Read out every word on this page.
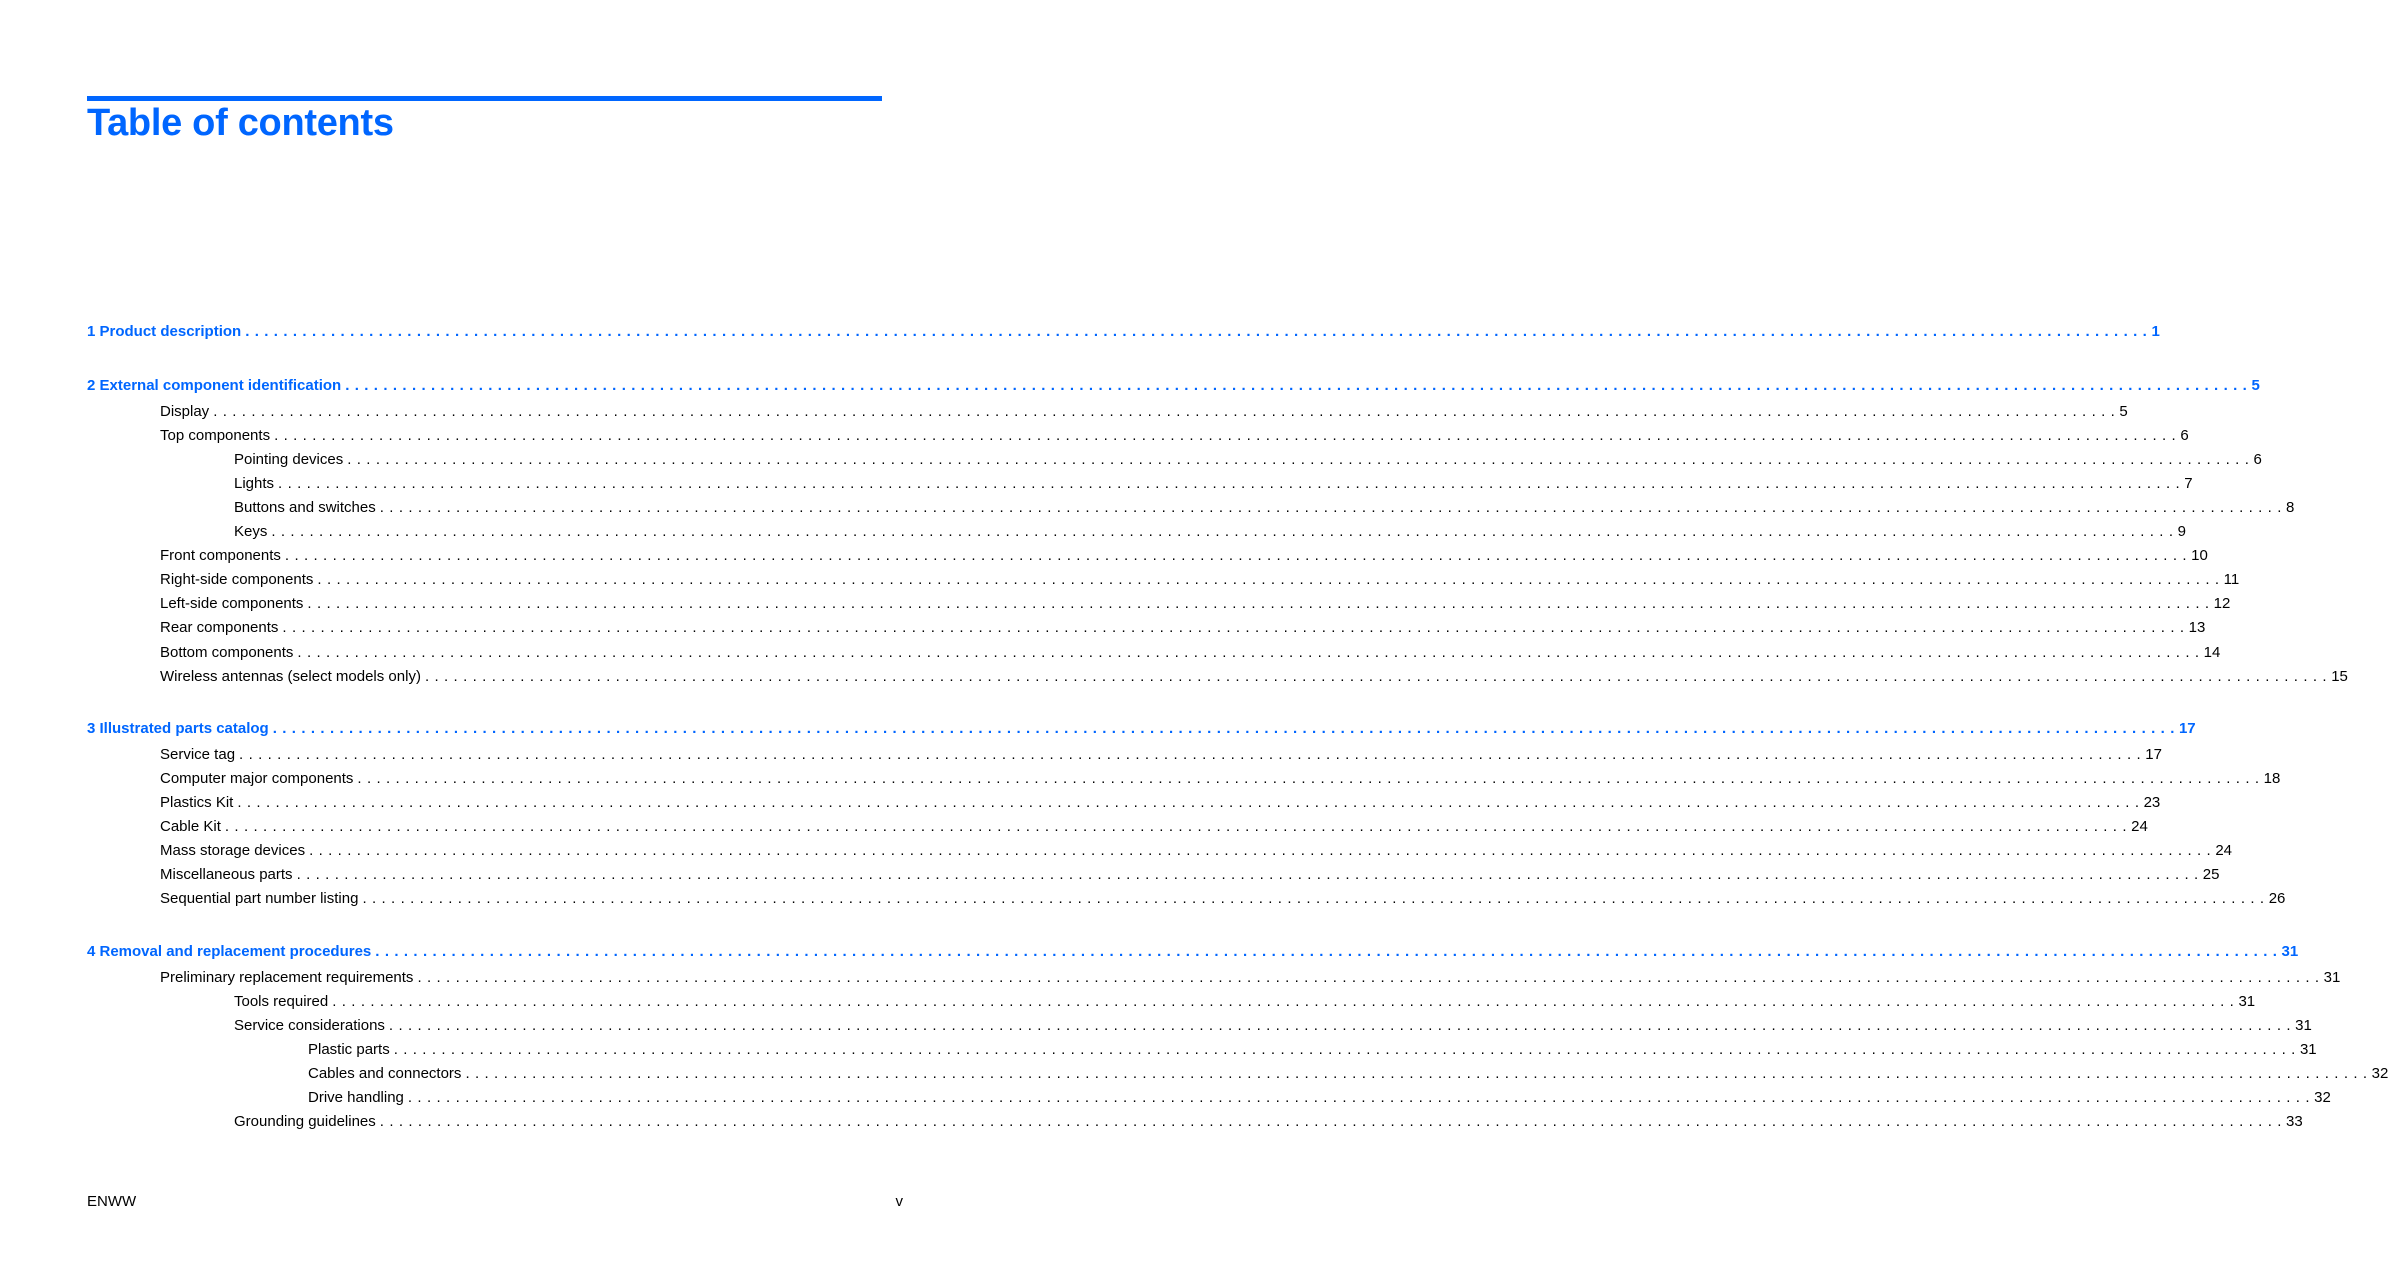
Table of contents
1 Product description . . . . . . . . . . . . . . . . . . . . . . . . . . . . . . . . . . . . . . . . . . . . . . . . . . . . . . . . . . . . . . . . . . . . . . . . . . . . . . . . . . . . . . . . . . . . . . . . . . . . . . . . . . . . . . . . . . . . . . . . . . . . . . . . . . . . . . . . . . . . . . . . . . . . . . . . . . . . . . . . . . . . . . . . . . . . . . . . . . . . . . . . . . . . . . . . . . . . . . . . 1
2 External component identification . . . . . . . . . . . . . . . . . . . . . . . . . . . . . . . . . . . . . . . . . . . . . . . . . . . . . . . . . . . . . . . . . . . . . . . . . . . . . . . . . . . . . . . . . . . . . . . . . . . . . . . . . . . . . . . . . . . . . . . . . . . . . . . . . . . . . . . . . . . . . . . . . . . . . . . . . . . . . . . . . . . . . . . . . . . . . . . . . . . . . . . . . . . . . . . . . . . . . . . . 5
Display . . . . . . . . . . . . . . . . . . . . . . . . . . . . . . . . . . . . . . . . . . . . . . . . . . . . . . . . . . . . . . . . . . . . . . . . . . . . . . . . . . . . . . . . . . . . . . . . . . . . . . . . . . . . . . . . . . . . . . . . . . . . . . . . . . . . . . . . . . . . . . . . . . . . . . . . . . . . . . . . . . . . . . . . . . . . . . . . . . . . . . . . . . . . . . . . . . . . . . . . 5
Top components . . . . . . . . . . . . . . . . . . . . . . . . . . . . . . . . . . . . . . . . . . . . . . . . . . . . . . . . . . . . . . . . . . . . . . . . . . . . . . . . . . . . . . . . . . . . . . . . . . . . . . . . . . . . . . . . . . . . . . . . . . . . . . . . . . . . . . . . . . . . . . . . . . . . . . . . . . . . . . . . . . . . . . . . . . . . . . . . . . . . . . . . . . . . . . . . . . . . . . . . 6
Pointing devices . . . . . . . . . . . . . . . . . . . . . . . . . . . . . . . . . . . . . . . . . . . . . . . . . . . . . . . . . . . . . . . . . . . . . . . . . . . . . . . . . . . . . . . . . . . . . . . . . . . . . . . . . . . . . . . . . . . . . . . . . . . . . . . . . . . . . . . . . . . . . . . . . . . . . . . . . . . . . . . . . . . . . . . . . . . . . . . . . . . . . . . . . . . . . . . . . . . . . . . . 6
Lights . . . . . . . . . . . . . . . . . . . . . . . . . . . . . . . . . . . . . . . . . . . . . . . . . . . . . . . . . . . . . . . . . . . . . . . . . . . . . . . . . . . . . . . . . . . . . . . . . . . . . . . . . . . . . . . . . . . . . . . . . . . . . . . . . . . . . . . . . . . . . . . . . . . . . . . . . . . . . . . . . . . . . . . . . . . . . . . . . . . . . . . . . . . . . . . . . . . . . . . . 7
Buttons and switches . . . . . . . . . . . . . . . . . . . . . . . . . . . . . . . . . . . . . . . . . . . . . . . . . . . . . . . . . . . . . . . . . . . . . . . . . . . . . . . . . . . . . . . . . . . . . . . . . . . . . . . . . . . . . . . . . . . . . . . . . . . . . . . . . . . . . . . . . . . . . . . . . . . . . . . . . . . . . . . . . . . . . . . . . . . . . . . . . . . . . . . . . . . . . . . . . . . . . . . . 8
Keys . . . . . . . . . . . . . . . . . . . . . . . . . . . . . . . . . . . . . . . . . . . . . . . . . . . . . . . . . . . . . . . . . . . . . . . . . . . . . . . . . . . . . . . . . . . . . . . . . . . . . . . . . . . . . . . . . . . . . . . . . . . . . . . . . . . . . . . . . . . . . . . . . . . . . . . . . . . . . . . . . . . . . . . . . . . . . . . . . . . . . . . . . . . . . . . . . . . . . . . . 9
Front components . . . . . . . . . . . . . . . . . . . . . . . . . . . . . . . . . . . . . . . . . . . . . . . . . . . . . . . . . . . . . . . . . . . . . . . . . . . . . . . . . . . . . . . . . . . . . . . . . . . . . . . . . . . . . . . . . . . . . . . . . . . . . . . . . . . . . . . . . . . . . . . . . . . . . . . . . . . . . . . . . . . . . . . . . . . . . . . . . . . . . . . . . . . . . . . . . . . . . . . . 10
Right-side components . . . . . . . . . . . . . . . . . . . . . . . . . . . . . . . . . . . . . . . . . . . . . . . . . . . . . . . . . . . . . . . . . . . . . . . . . . . . . . . . . . . . . . . . . . . . . . . . . . . . . . . . . . . . . . . . . . . . . . . . . . . . . . . . . . . . . . . . . . . . . . . . . . . . . . . . . . . . . . . . . . . . . . . . . . . . . . . . . . . . . . . . . . . . . . . . . . . . . . . . 11
Left-side components . . . . . . . . . . . . . . . . . . . . . . . . . . . . . . . . . . . . . . . . . . . . . . . . . . . . . . . . . . . . . . . . . . . . . . . . . . . . . . . . . . . . . . . . . . . . . . . . . . . . . . . . . . . . . . . . . . . . . . . . . . . . . . . . . . . . . . . . . . . . . . . . . . . . . . . . . . . . . . . . . . . . . . . . . . . . . . . . . . . . . . . . . . . . . . . . . . . . . . . . 12
Rear components . . . . . . . . . . . . . . . . . . . . . . . . . . . . . . . . . . . . . . . . . . . . . . . . . . . . . . . . . . . . . . . . . . . . . . . . . . . . . . . . . . . . . . . . . . . . . . . . . . . . . . . . . . . . . . . . . . . . . . . . . . . . . . . . . . . . . . . . . . . . . . . . . . . . . . . . . . . . . . . . . . . . . . . . . . . . . . . . . . . . . . . . . . . . . . . . . . . . . . . . 13
Bottom components . . . . . . . . . . . . . . . . . . . . . . . . . . . . . . . . . . . . . . . . . . . . . . . . . . . . . . . . . . . . . . . . . . . . . . . . . . . . . . . . . . . . . . . . . . . . . . . . . . . . . . . . . . . . . . . . . . . . . . . . . . . . . . . . . . . . . . . . . . . . . . . . . . . . . . . . . . . . . . . . . . . . . . . . . . . . . . . . . . . . . . . . . . . . . . . . . . . . . . . . 14
Wireless antennas (select models only) . . . . . . . . . . . . . . . . . . . . . . . . . . . . . . . . . . . . . . . . . . . . . . . . . . . . . . . . . . . . . . . . . . . . . . . . . . . . . . . . . . . . . . . . . . . . . . . . . . . . . . . . . . . . . . . . . . . . . . . . . . . . . . . . . . . . . . . . . . . . . . . . . . . . . . . . . . . . . . . . . . . . . . . . . . . . . . . . . . . . . . . . . . . . . . . . . . . . . . . . 15
3 Illustrated parts catalog . . . . . . . . . . . . . . . . . . . . . . . . . . . . . . . . . . . . . . . . . . . . . . . . . . . . . . . . . . . . . . . . . . . . . . . . . . . . . . . . . . . . . . . . . . . . . . . . . . . . . . . . . . . . . . . . . . . . . . . . . . . . . . . . . . . . . . . . . . . . . . . . . . . . . . . . . . . . . . . . . . . . . . . . . . . . . . . . . . . . . . . . . . . . . . . . . . . . . . . . 17
Service tag . . . . . . . . . . . . . . . . . . . . . . . . . . . . . . . . . . . . . . . . . . . . . . . . . . . . . . . . . . . . . . . . . . . . . . . . . . . . . . . . . . . . . . . . . . . . . . . . . . . . . . . . . . . . . . . . . . . . . . . . . . . . . . . . . . . . . . . . . . . . . . . . . . . . . . . . . . . . . . . . . . . . . . . . . . . . . . . . . . . . . . . . . . . . . . . . . . . . . . . . 17
Computer major components . . . . . . . . . . . . . . . . . . . . . . . . . . . . . . . . . . . . . . . . . . . . . . . . . . . . . . . . . . . . . . . . . . . . . . . . . . . . . . . . . . . . . . . . . . . . . . . . . . . . . . . . . . . . . . . . . . . . . . . . . . . . . . . . . . . . . . . . . . . . . . . . . . . . . . . . . . . . . . . . . . . . . . . . . . . . . . . . . . . . . . . . . . . . . . . . . . . . . . . . 18
Plastics Kit . . . . . . . . . . . . . . . . . . . . . . . . . . . . . . . . . . . . . . . . . . . . . . . . . . . . . . . . . . . . . . . . . . . . . . . . . . . . . . . . . . . . . . . . . . . . . . . . . . . . . . . . . . . . . . . . . . . . . . . . . . . . . . . . . . . . . . . . . . . . . . . . . . . . . . . . . . . . . . . . . . . . . . . . . . . . . . . . . . . . . . . . . . . . . . . . . . . . . . . . 23
Cable Kit . . . . . . . . . . . . . . . . . . . . . . . . . . . . . . . . . . . . . . . . . . . . . . . . . . . . . . . . . . . . . . . . . . . . . . . . . . . . . . . . . . . . . . . . . . . . . . . . . . . . . . . . . . . . . . . . . . . . . . . . . . . . . . . . . . . . . . . . . . . . . . . . . . . . . . . . . . . . . . . . . . . . . . . . . . . . . . . . . . . . . . . . . . . . . . . . . . . . . . . . 24
Mass storage devices . . . . . . . . . . . . . . . . . . . . . . . . . . . . . . . . . . . . . . . . . . . . . . . . . . . . . . . . . . . . . . . . . . . . . . . . . . . . . . . . . . . . . . . . . . . . . . . . . . . . . . . . . . . . . . . . . . . . . . . . . . . . . . . . . . . . . . . . . . . . . . . . . . . . . . . . . . . . . . . . . . . . . . . . . . . . . . . . . . . . . . . . . . . . . . . . . . . . . . . . 24
Miscellaneous parts . . . . . . . . . . . . . . . . . . . . . . . . . . . . . . . . . . . . . . . . . . . . . . . . . . . . . . . . . . . . . . . . . . . . . . . . . . . . . . . . . . . . . . . . . . . . . . . . . . . . . . . . . . . . . . . . . . . . . . . . . . . . . . . . . . . . . . . . . . . . . . . . . . . . . . . . . . . . . . . . . . . . . . . . . . . . . . . . . . . . . . . . . . . . . . . . . . . . . . . . 25
Sequential part number listing . . . . . . . . . . . . . . . . . . . . . . . . . . . . . . . . . . . . . . . . . . . . . . . . . . . . . . . . . . . . . . . . . . . . . . . . . . . . . . . . . . . . . . . . . . . . . . . . . . . . . . . . . . . . . . . . . . . . . . . . . . . . . . . . . . . . . . . . . . . . . . . . . . . . . . . . . . . . . . . . . . . . . . . . . . . . . . . . . . . . . . . . . . . . . . . . . . . . . . . . 26
4 Removal and replacement procedures . . . . . . . . . . . . . . . . . . . . . . . . . . . . . . . . . . . . . . . . . . . . . . . . . . . . . . . . . . . . . . . . . . . . . . . . . . . . . . . . . . . . . . . . . . . . . . . . . . . . . . . . . . . . . . . . . . . . . . . . . . . . . . . . . . . . . . . . . . . . . . . . . . . . . . . . . . . . . . . . . . . . . . . . . . . . . . . . . . . . . . . . . . . . . . . . . . . . . . . . 31
Preliminary replacement requirements . . . . . . . . . . . . . . . . . . . . . . . . . . . . . . . . . . . . . . . . . . . . . . . . . . . . . . . . . . . . . . . . . . . . . . . . . . . . . . . . . . . . . . . . . . . . . . . . . . . . . . . . . . . . . . . . . . . . . . . . . . . . . . . . . . . . . . . . . . . . . . . . . . . . . . . . . . . . . . . . . . . . . . . . . . . . . . . . . . . . . . . . . . . . . . . . . . . . . . . . 31
Tools required . . . . . . . . . . . . . . . . . . . . . . . . . . . . . . . . . . . . . . . . . . . . . . . . . . . . . . . . . . . . . . . . . . . . . . . . . . . . . . . . . . . . . . . . . . . . . . . . . . . . . . . . . . . . . . . . . . . . . . . . . . . . . . . . . . . . . . . . . . . . . . . . . . . . . . . . . . . . . . . . . . . . . . . . . . . . . . . . . . . . . . . . . . . . . . . . . . . . . . . . 31
Service considerations . . . . . . . . . . . . . . . . . . . . . . . . . . . . . . . . . . . . . . . . . . . . . . . . . . . . . . . . . . . . . . . . . . . . . . . . . . . . . . . . . . . . . . . . . . . . . . . . . . . . . . . . . . . . . . . . . . . . . . . . . . . . . . . . . . . . . . . . . . . . . . . . . . . . . . . . . . . . . . . . . . . . . . . . . . . . . . . . . . . . . . . . . . . . . . . . . . . . . . . . 31
Plastic parts . . . . . . . . . . . . . . . . . . . . . . . . . . . . . . . . . . . . . . . . . . . . . . . . . . . . . . . . . . . . . . . . . . . . . . . . . . . . . . . . . . . . . . . . . . . . . . . . . . . . . . . . . . . . . . . . . . . . . . . . . . . . . . . . . . . . . . . . . . . . . . . . . . . . . . . . . . . . . . . . . . . . . . . . . . . . . . . . . . . . . . . . . . . . . . . . . . . . . . . . 31
Cables and connectors . . . . . . . . . . . . . . . . . . . . . . . . . . . . . . . . . . . . . . . . . . . . . . . . . . . . . . . . . . . . . . . . . . . . . . . . . . . . . . . . . . . . . . . . . . . . . . . . . . . . . . . . . . . . . . . . . . . . . . . . . . . . . . . . . . . . . . . . . . . . . . . . . . . . . . . . . . . . . . . . . . . . . . . . . . . . . . . . . . . . . . . . . . . . . . . . . . . . . . . . 32
Drive handling . . . . . . . . . . . . . . . . . . . . . . . . . . . . . . . . . . . . . . . . . . . . . . . . . . . . . . . . . . . . . . . . . . . . . . . . . . . . . . . . . . . . . . . . . . . . . . . . . . . . . . . . . . . . . . . . . . . . . . . . . . . . . . . . . . . . . . . . . . . . . . . . . . . . . . . . . . . . . . . . . . . . . . . . . . . . . . . . . . . . . . . . . . . . . . . . . . . . . . . . 32
Grounding guidelines . . . . . . . . . . . . . . . . . . . . . . . . . . . . . . . . . . . . . . . . . . . . . . . . . . . . . . . . . . . . . . . . . . . . . . . . . . . . . . . . . . . . . . . . . . . . . . . . . . . . . . . . . . . . . . . . . . . . . . . . . . . . . . . . . . . . . . . . . . . . . . . . . . . . . . . . . . . . . . . . . . . . . . . . . . . . . . . . . . . . . . . . . . . . . . . . . . . . . . . . 33
ENWW	v
